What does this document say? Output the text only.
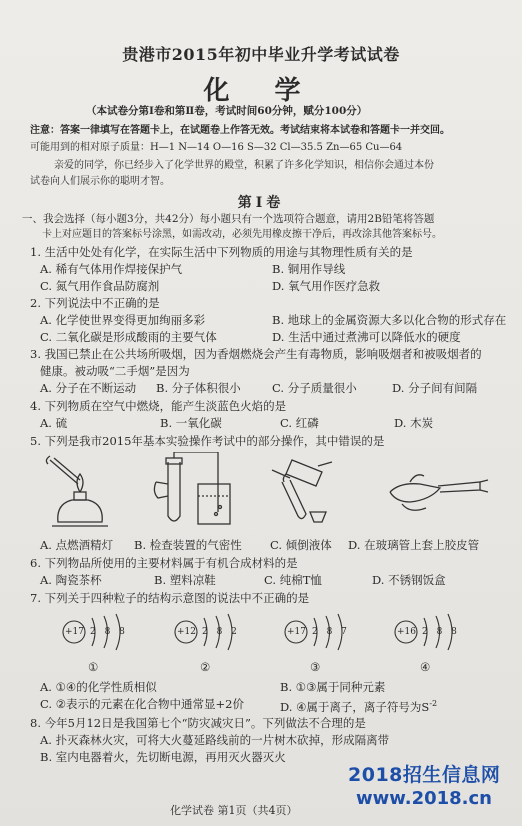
贵港市2015年初中毕业升学考试试卷
化 学
（本试卷分第Ⅰ卷和第Ⅱ卷，考试时间60分钟，赋分100分）
注意：答案一律填写在答题卡上，在试题卷上作答无效。考试结束将本试卷和答题卡一并交回。
可能用到的相对原子质量：H—1 N—14 O—16 S—32 Cl—35.5 Zn—65 Cu—64
亲爱的同学，你已经步入了化学世界的殿堂，积累了许多化学知识，相信你会通过本份
试卷向人们展示你的聪明才智。
第Ⅰ卷
一、我会选择（每小题3分，共42分）每小题只有一个选项符合题意，请用2B铅笔将答题
卡上对应题目的答案标号涂黑，如需改动，必须先用橡皮擦干净后，再改涂其他答案标号。
1. 生活中处处有化学，在实际生活中下列物质的用途与其物理性质有关的是
A. 稀有气体用作焊接保护气	B. 铜用作导线
C. 氮气用作食品防腐剂	D. 氧气用作医疗急救
2. 下列说法中不正确的是
A. 化学使世界变得更加绚丽多彩	B. 地球上的金属资源大多以化合物的形式存在
C. 二氧化碳是形成酸雨的主要气体	D. 生活中通过煮沸可以降低水的硬度
3. 我国已禁止在公共场所吸烟，因为香烟燃烧会产生有毒物质，影响吸烟者和被吸烟者的
健康。被动吸“二手烟”是因为
A. 分子在不断运动 B. 分子体积很小	C. 分子质量很小	D. 分子间有间隔
4. 下列物质在空气中燃烧，能产生淡蓝色火焰的是
A. 硫	B. 一氧化碳	C. 红磷	D. 木炭
5. 下列是我市2015年基本实验操作考试中的部分操作，其中错误的是
A. 点燃酒精灯 B. 检查装置的气密性 C. 倾倒液体 D. 在玻璃管上套上胶皮管
6. 下列物品所使用的主要材料属于有机合成材料的是
A. 陶瓷茶杯	B. 塑料凉鞋	C. 纯棉T恤	D. 不锈钢饭盒
7. 下列关于四种粒子的结构示意图的说法中不正确的是
+17 2 8 8
①
+12 2 8 2
②
+17 2 8 7
③
+16 2 8 8
④
A. ①④的化学性质相似	B. ①③属于同种元素
C. ②表示的元素在化合物中通常显+2价	D. ④属于离子，离子符号为$S^{-2}$
8. 今年5月12日是我国第七个“防灾减灾日”。下列做法不合理的是
A. 扑灭森林火灾，可将大火蔓延路线前的一片树木砍掉，形成隔离带
B. 室内电器着火，先切断电源，再用灭火器灭火
化学试卷 第1页（共4页）
2018招生信息网
www.2018.cn
